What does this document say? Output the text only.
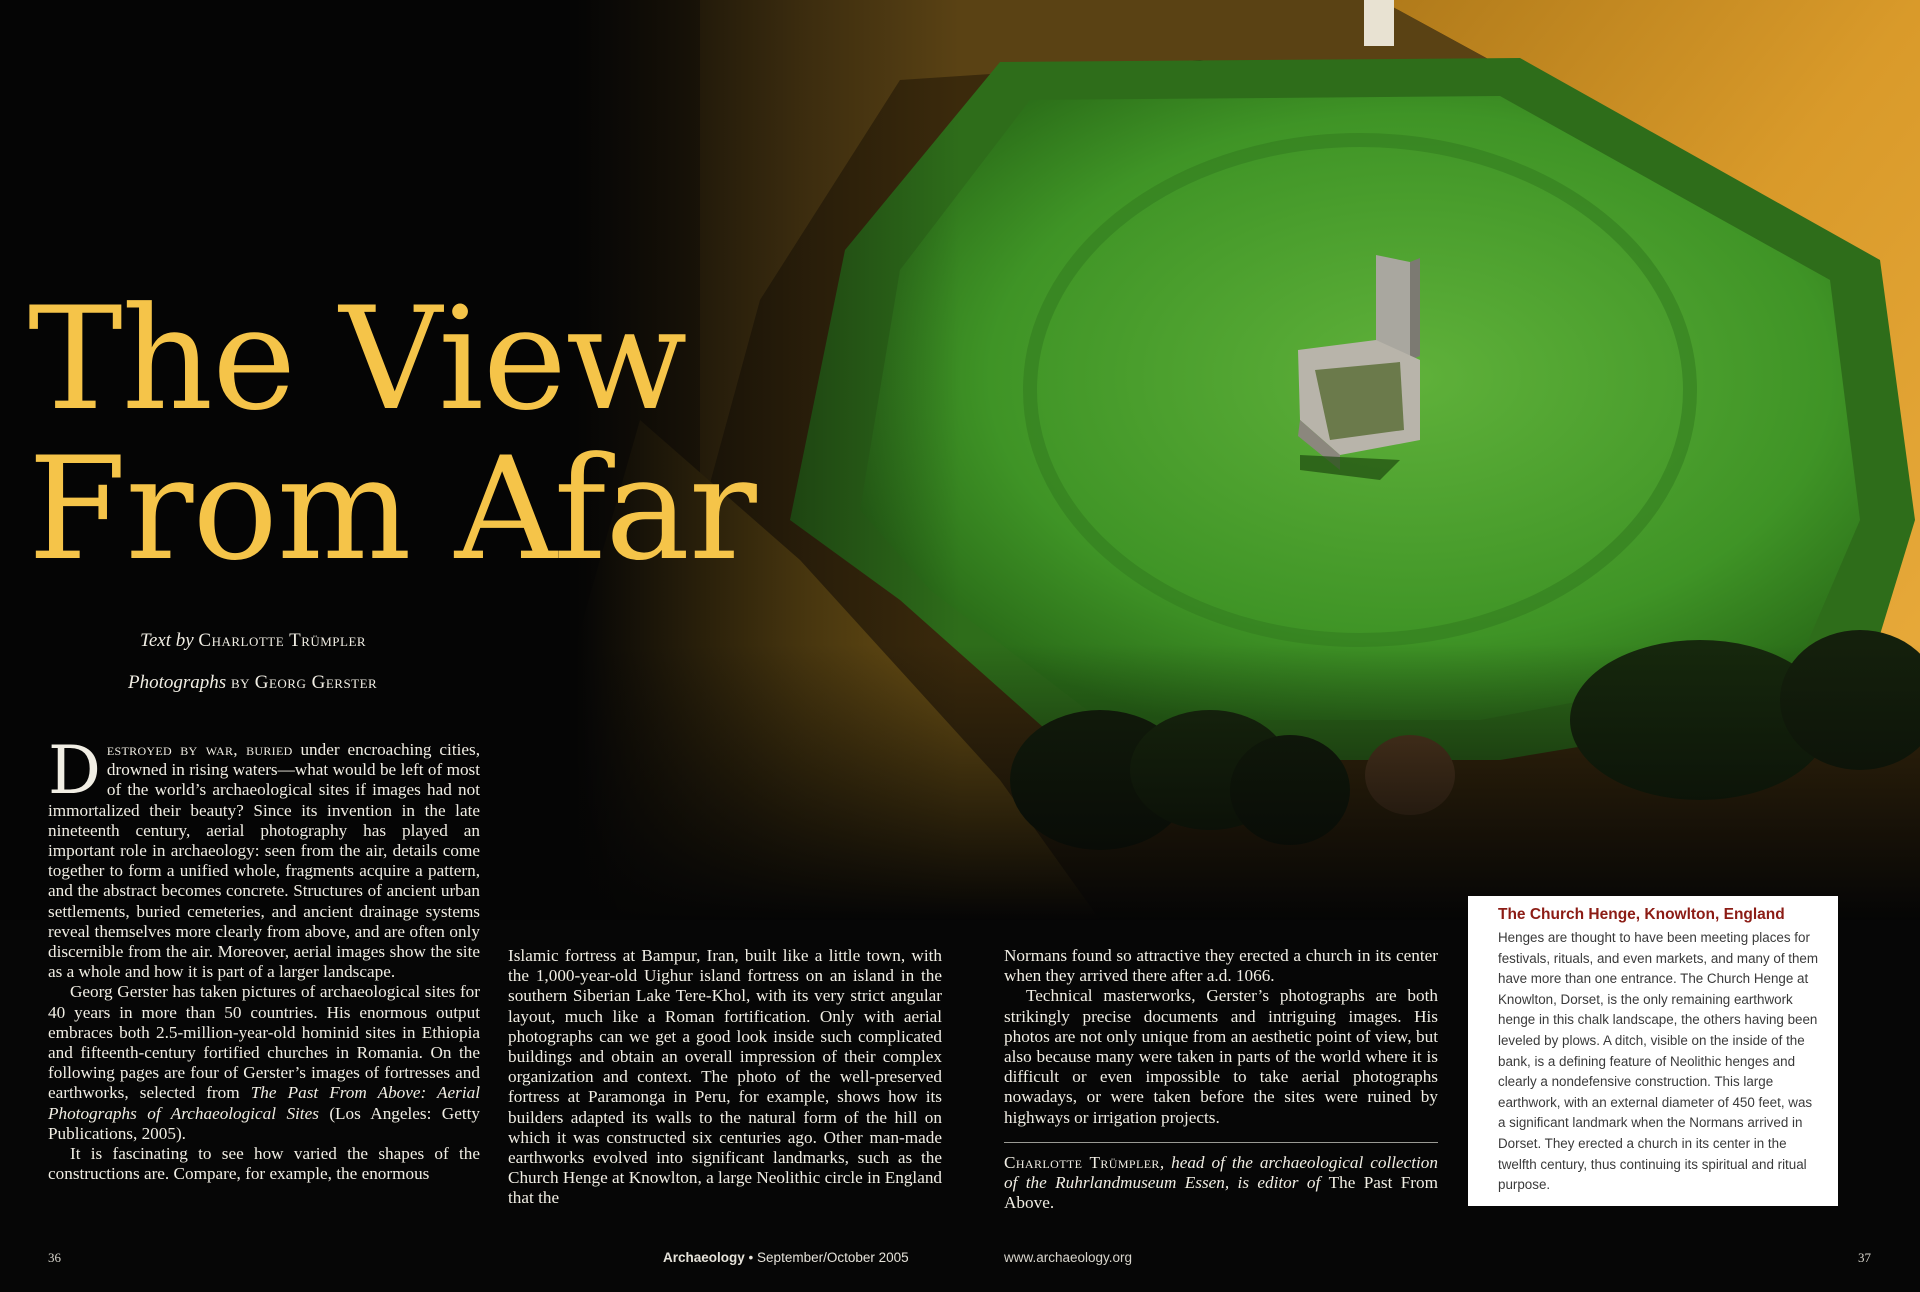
The View
From Afar
Text by Charlotte Trümpler
Photographs by Georg Gerster

Destroyed by war, buried under encroaching cities, drowned in rising waters—what would be left of most of the world’s archaeological sites if images had not immortalized their beauty? Since its invention in the late nineteenth century, aerial photography has played an important role in archaeology: seen from the air, details come together to form a unified whole, fragments acquire a pattern, and the abstract becomes concrete. Structures of ancient urban settlements, buried cemeteries, and ancient drainage systems reveal themselves more clearly from above, and are often only discernible from the air. Moreover, aerial images show the site as a whole and how it is part of a larger landscape.

Georg Gerster has taken pictures of archaeological sites for 40 years in more than 50 countries. His enormous output embraces both 2.5-million-year-old hominid sites in Ethiopia and fifteenth-century fortified churches in Romania. On the following pages are four of Gerster’s images of fortresses and earthworks, selected from The Past From Above: Aerial Photographs of Archaeological Sites (Los Angeles: Getty Publications, 2005).

It is fascinating to see how varied the shapes of the constructions are. Compare, for example, the enormous

Islamic fortress at Bampur, Iran, built like a little town, with the 1,000-year-old Uighur island fortress on an island in the southern Siberian Lake Tere-Khol, with its very strict angular layout, much like a Roman fortification. Only with aerial photographs can we get a good look inside such complicated buildings and obtain an overall impression of their complex organization and context. The photo of the well-preserved fortress at Paramonga in Peru, for example, shows how its builders adapted its walls to the natural form of the hill on which it was constructed six centuries ago. Other man-made earthworks evolved into significant landmarks, such as the Church Henge at Knowlton, a large Neolithic circle in England that the

Normans found so attractive they erected a church in its center when they arrived there after a.d. 1066.

Technical masterworks, Gerster’s photographs are both strikingly precise documents and intriguing images. His photos are not only unique from an aesthetic point of view, but also because many were taken in parts of the world where it is difficult or even impossible to take aerial photographs nowadays, or were taken before the sites were ruined by highways or irrigation projects.

Charlotte Trümpler, head of the archaeological collection of the Ruhrlandmuseum Essen, is editor of The Past From Above.

The Church Henge, Knowlton, England

Henges are thought to have been meeting places for festivals, rituals, and even markets, and many of them have more than one entrance. The Church Henge at Knowlton, Dorset, is the only remaining earthwork henge in this chalk landscape, the others having been leveled by plows. A ditch, visible on the inside of the bank, is a defining feature of Neolithic henges and clearly a nondefensive construction. This large earthwork, with an external diameter of 450 feet, was a significant landmark when the Normans arrived in Dorset. They erected a church in its center in the twelfth century, thus continuing its spiritual and ritual purpose.

36	Archaeology • September/October 2005	www.archaeology.org	37
